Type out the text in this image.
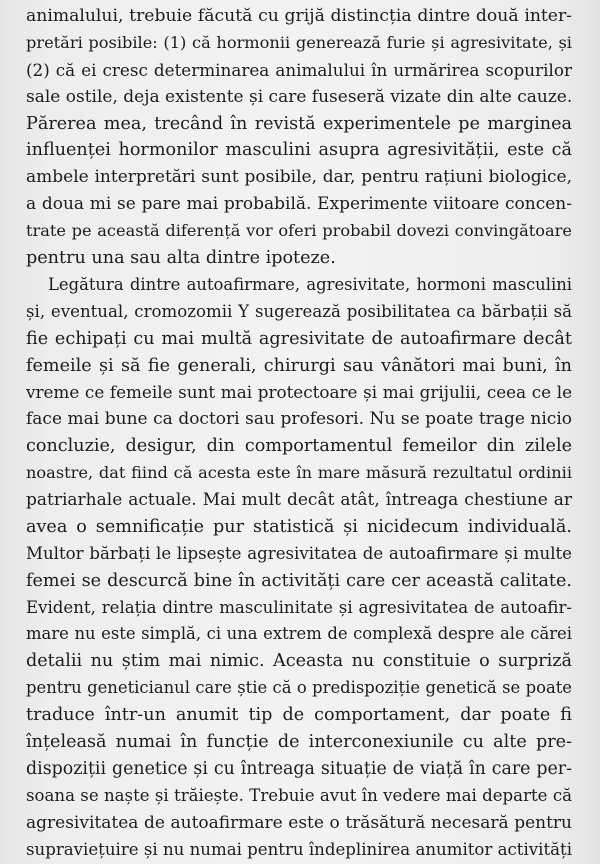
animalului, trebuie făcută cu grijă distincția dintre două inter-
pretări posibile: (1) că hormonii generează furie și agresivitate, și
(2) că ei cresc determinarea animalului în urmărirea scopurilor
sale ostile, deja existente și care fuseseră vizate din alte cauze.
Părerea mea, trecând în revistă experimentele pe marginea
influenței hormonilor masculini asupra agresivității, este că
ambele interpretări sunt posibile, dar, pentru rațiuni biologice,
a doua mi se pare mai probabilă. Experimente viitoare concen-
trate pe această diferență vor oferi probabil dovezi convingătoare
pentru una sau alta dintre ipoteze.
Legătura dintre autoafirmare, agresivitate, hormoni masculini
și, eventual, cromozomii Y sugerează posibilitatea ca bărbații să
fie echipați cu mai multă agresivitate de autoafirmare decât
femeile și să fie generali, chirurgi sau vânători mai buni, în
vreme ce femeile sunt mai protectoare și mai grijulii, ceea ce le
face mai bune ca doctori sau profesori. Nu se poate trage nicio
concluzie, desigur, din comportamentul femeilor din zilele
noastre, dat fiind că acesta este în mare măsură rezultatul ordinii
patriarhale actuale. Mai mult decât atât, întreaga chestiune ar
avea o semnificație pur statistică și nicidecum individuală.
Multor bărbați le lipsește agresivitatea de autoafirmare și multe
femei se descurcă bine în activități care cer această calitate.
Evident, relația dintre masculinitate și agresivitatea de autoafir-
mare nu este simplă, ci una extrem de complexă despre ale cărei
detalii nu știm mai nimic. Aceasta nu constituie o surpriză
pentru geneticianul care știe că o predispoziție genetică se poate
traduce într-un anumit tip de comportament, dar poate fi
înțeleasă numai în funcție de interconexiunile cu alte pre-
dispoziții genetice și cu întreaga situație de viață în care per-
soana se naște și trăiește. Trebuie avut în vedere mai departe că
agresivitatea de autoafirmare este o trăsătură necesară pentru
supraviețuire și nu numai pentru îndeplinirea anumitor activități
